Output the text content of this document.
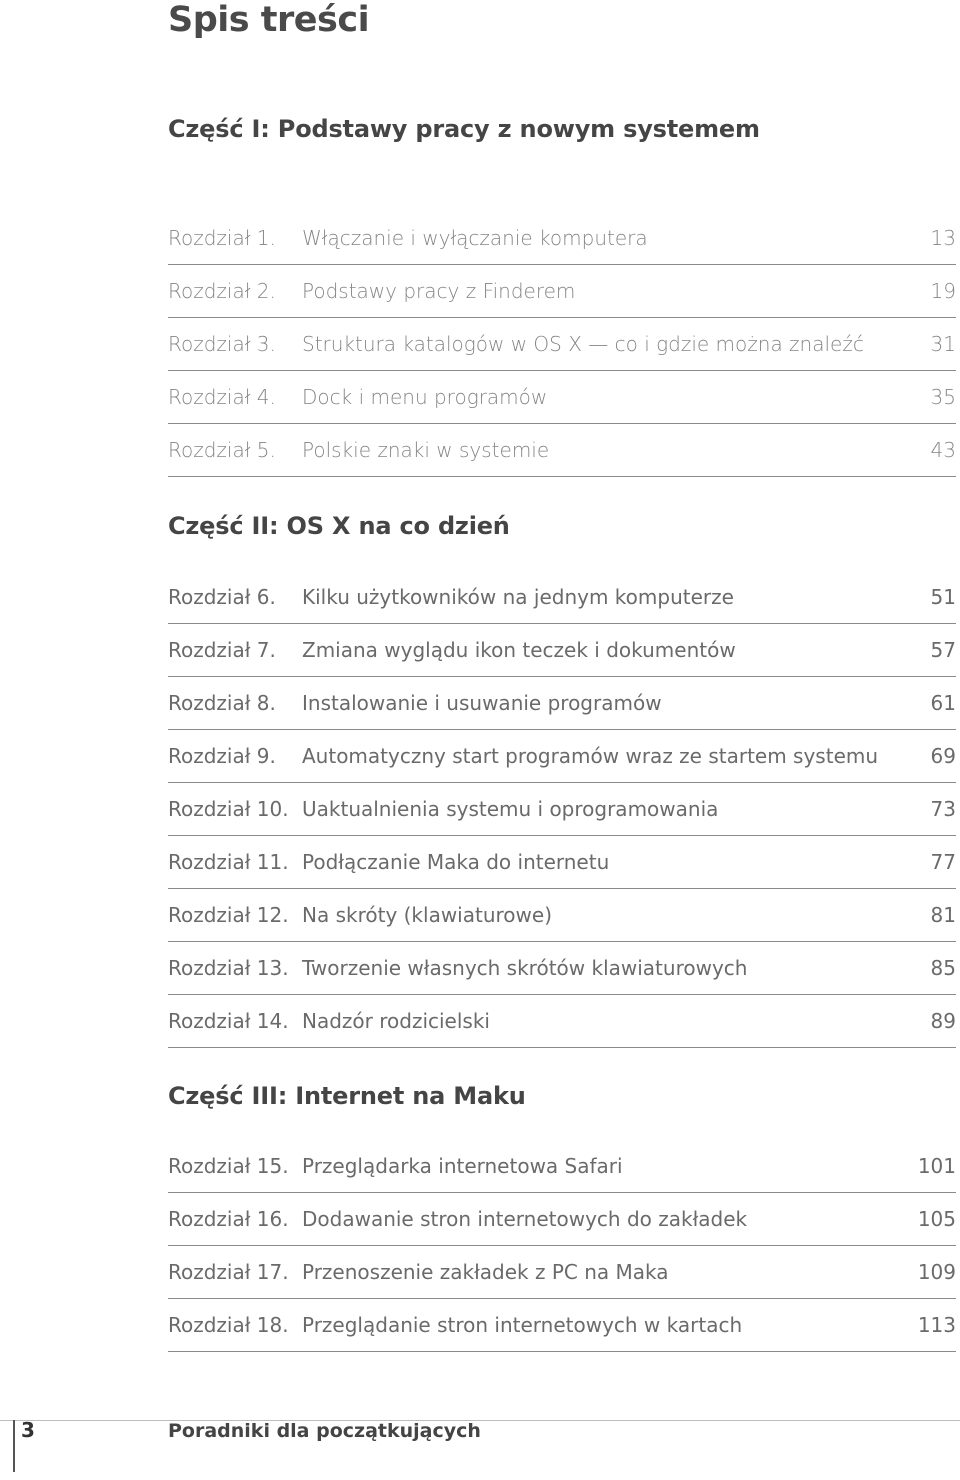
Spis treści
Część I: Podstawy pracy z nowym systemem
Rozdział 1.	Włączanie i wyłączanie komputera	13
Rozdział 2.	Podstawy pracy z Finderem	19
Rozdział 3.	Struktura katalogów w OS X — co i gdzie można znaleźć	31
Rozdział 4.	Dock i menu programów	35
Rozdział 5.	Polskie znaki w systemie	43
Część II: OS X na co dzień
Rozdział 6.	Kilku użytkowników na jednym komputerze	51
Rozdział 7.	Zmiana wyglądu ikon teczek i dokumentów	57
Rozdział 8.	Instalowanie i usuwanie programów	61
Rozdział 9.	Automatyczny start programów wraz ze startem systemu	69
Rozdział 10. Uaktualnienia systemu i oprogramowania	73
Rozdział 11. Podłączanie Maka do internetu	77
Rozdział 12. Na skróty (klawiaturowe)	81
Rozdział 13. Tworzenie własnych skrótów klawiaturowych	85
Rozdział 14. Nadzór rodzicielski	89
Część III: Internet na Maku
Rozdział 15. Przeglądarka internetowa Safari	101
Rozdział 16. Dodawanie stron internetowych do zakładek	105
Rozdział 17. Przenoszenie zakładek z PC na Maka	109
Rozdział 18. Przeglądanie stron internetowych w kartach	113
3	Poradniki dla początkujących
